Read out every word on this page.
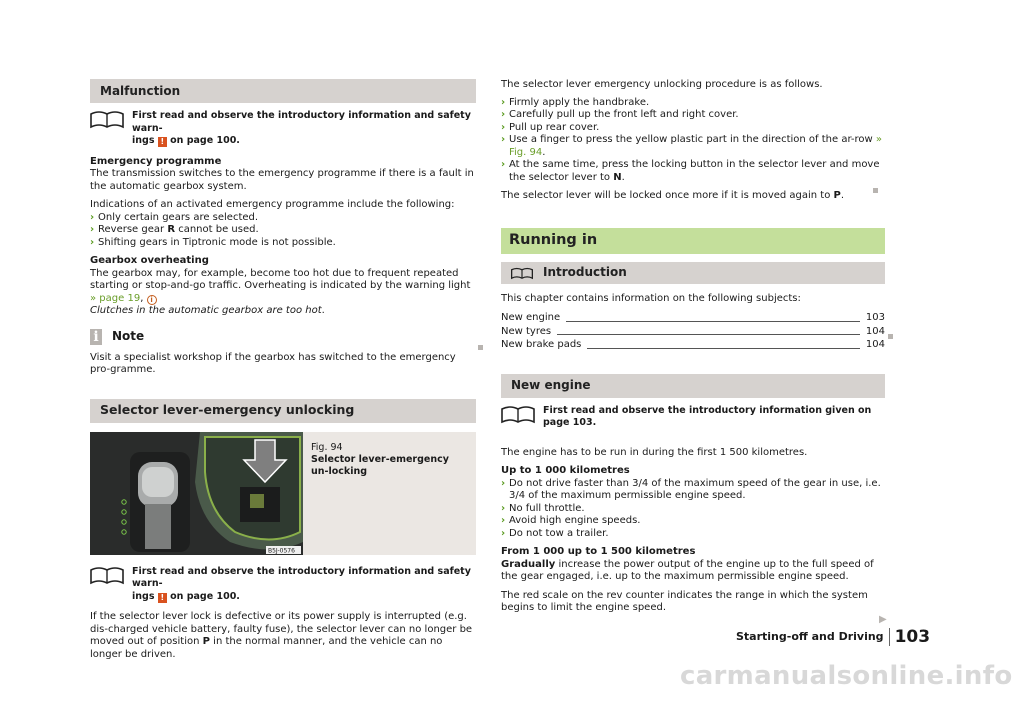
Malfunction
First read and observe the introductory information and safety warn-
ings ! on page 100.

Emergency programme

The transmission switches to the emergency programme if there is a fault in the automatic gearbox system.

Indications of an activated emergency programme include the following:

› Only certain gears are selected.

› Reverse gear R cannot be used.

› Shifting gears in Tiptronic mode is not possible.

Gearbox overheating

The gearbox may, for example, become too hot due to frequent repeated starting or stop-and-go traffic. Overheating is indicated by the warning light » page 19, i

Clutches in the automatic gearbox are too hot.

i Note

Visit a specialist workshop if the gearbox has switched to the emergency pro-gramme.

Selector lever-emergency unlocking
B5J-0576
Fig. 94
Selector lever-emergency un-locking
First read and observe the introductory information and safety warn-
ings ! on page 100.

If the selector lever lock is defective or its power supply is interrupted (e.g. dis-charged vehicle battery, faulty fuse), the selector lever can no longer be moved out of position P in the normal manner, and the vehicle can no longer be driven.

The selector lever emergency unlocking procedure is as follows.

› Firmly apply the handbrake.

› Carefully pull up the front left and right cover.

› Pull up rear cover.

› Use a finger to press the yellow plastic part in the direction of the ar-row » Fig. 94.

› At the same time, press the locking button in the selector lever and move the selector lever to N.

The selector lever will be locked once more if it is moved again to P.

Running in
Introduction

This chapter contains information on the following subjects:

New engine	103
New tyres	104
New brake pads	104
New engine
First read and observe the introductory information given on page 103.

The engine has to be run in during the first 1 500 kilometres.

Up to 1 000 kilometres

› Do not drive faster than 3/4 of the maximum speed of the gear in use, i.e. 3/4 of the maximum permissible engine speed.

› No full throttle.

› Avoid high engine speeds.

› Do not tow a trailer.

From 1 000 up to 1 500 kilometres

Gradually increase the power output of the engine up to the full speed of the gear engaged, i.e. up to the maximum permissible engine speed.

The red scale on the rev counter indicates the range in which the system begins to limit the engine speed.

▶
Starting-off and Driving 103
carmanualsonline.info
